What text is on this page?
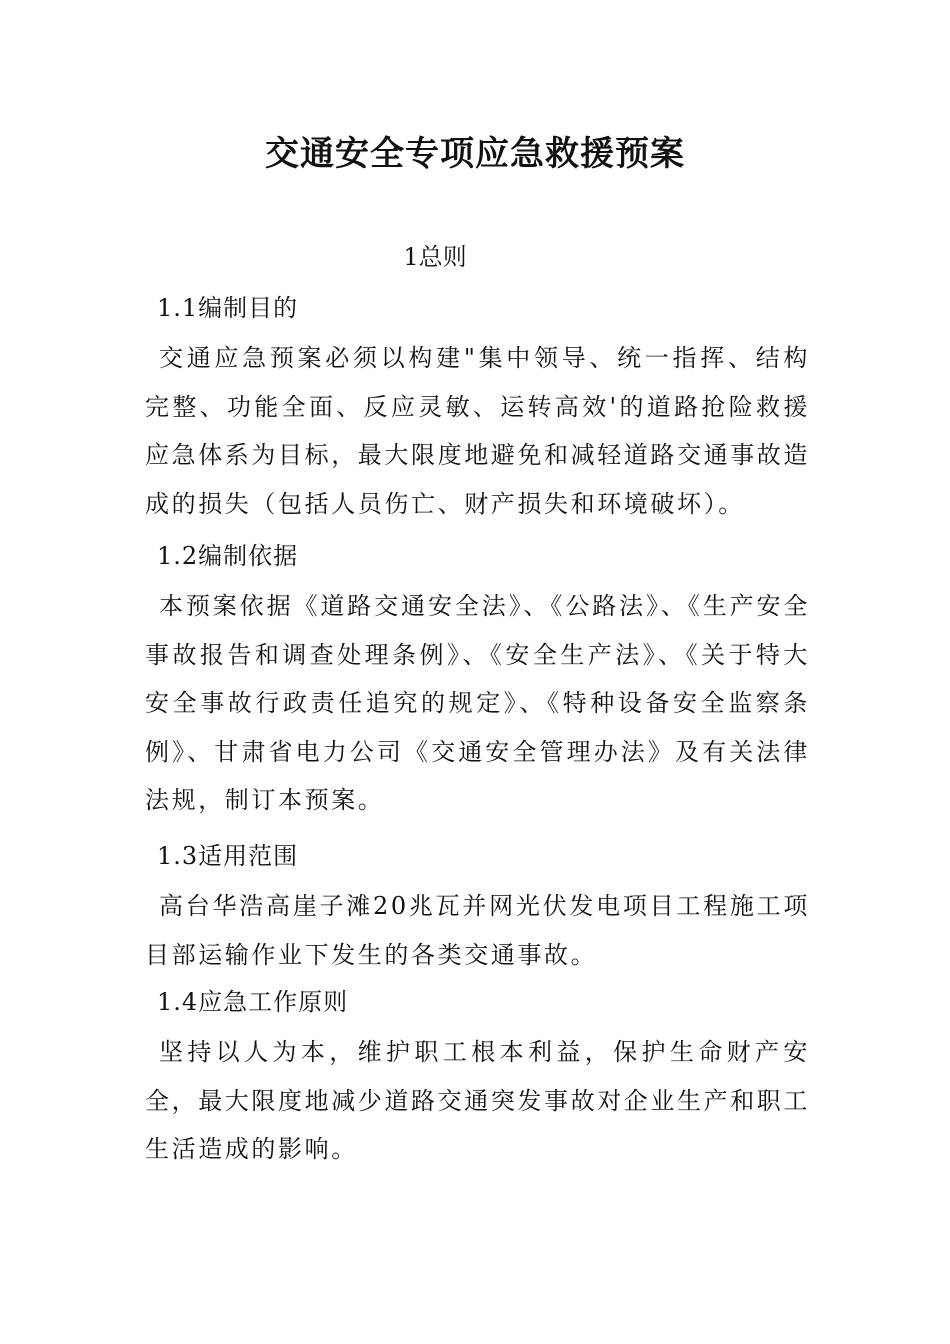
交通安全专项应急救援预案
1总则
1.1编制目的
交通应急预案必须以构建"集中领导、统一指挥、结构完整、功能全面、反应灵敏、运转高效'的道路抢险救援应急体系为目标，最大限度地避免和减轻道路交通事故造成的损失（包括人员伤亡、财产损失和环境破坏）。
1.2编制依据
本预案依据《道路交通安全法》、《公路法》、《生产安全事故报告和调查处理条例》、《安全生产法》、《关于特大安全事故行政责任追究的规定》、《特种设备安全监察条例》、甘肃省电力公司《交通安全管理办法》及有关法律法规，制订本预案。
1.3适用范围
高台华浩高崖子滩20兆瓦并网光伏发电项目工程施工项目部运输作业下发生的各类交通事故。
1.4应急工作原则
坚持以人为本，维护职工根本利益，保护生命财产安全，最大限度地减少道路交通突发事故对企业生产和职工生活造成的影响。
